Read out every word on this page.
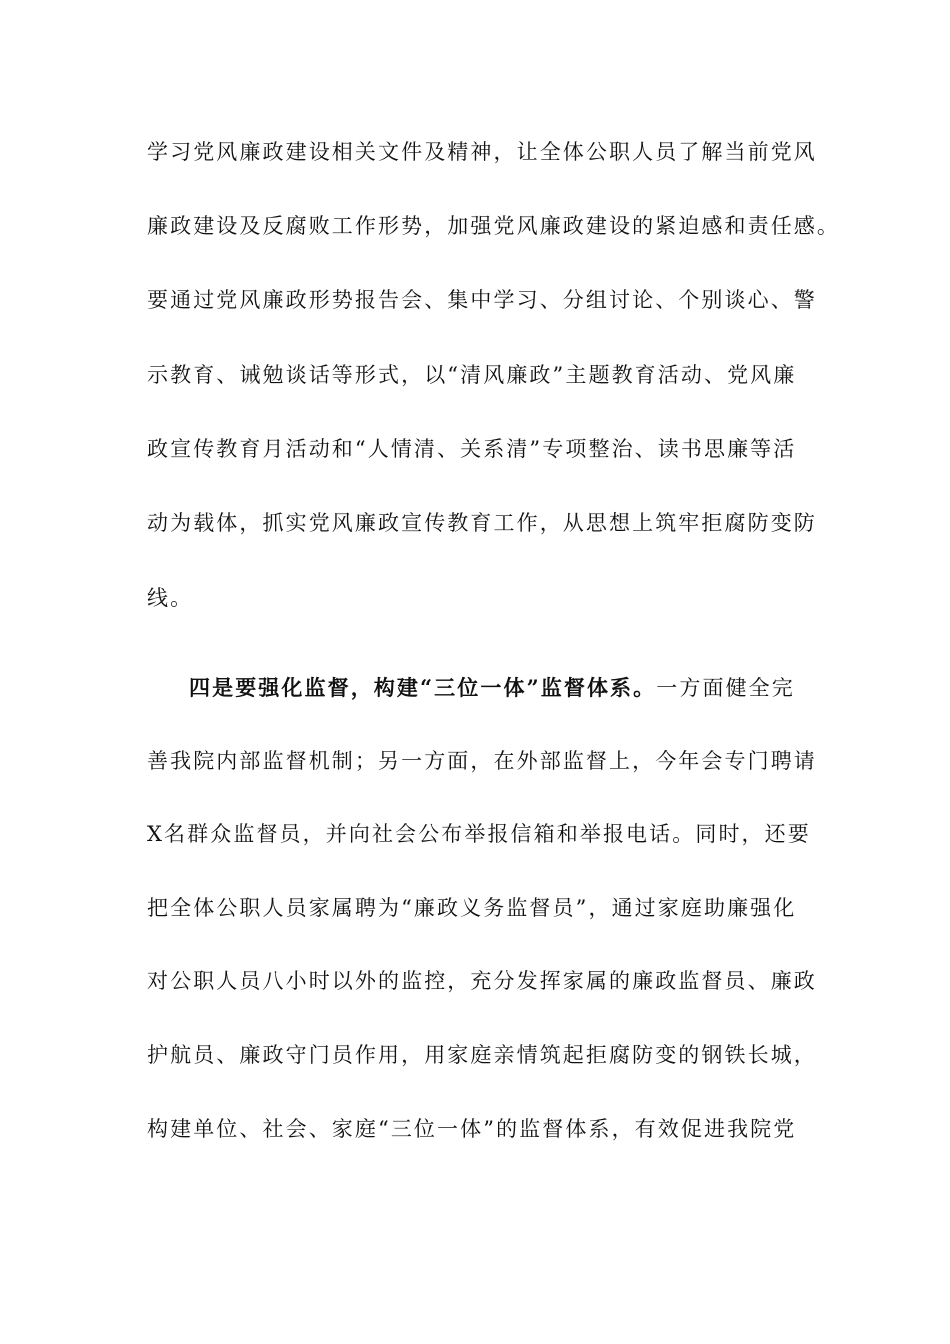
学习党风廉政建设相关文件及精神，让全体公职人员了解当前党风
廉政建设及反腐败工作形势，加强党风廉政建设的紧迫感和责任感。
要通过党风廉政形势报告会、集中学习、分组讨论、个别谈心、警
示教育、诫勉谈话等形式，以“清风廉政”主题教育活动、党风廉
政宣传教育月活动和“人情清、关系清”专项整治、读书思廉等活
动为载体，抓实党风廉政宣传教育工作，从思想上筑牢拒腐防变防
线。
四是要强化监督，构建“三位一体”监督体系。一方面健全完
善我院内部监督机制；另一方面，在外部监督上，今年会专门聘请
X名群众监督员，并向社会公布举报信箱和举报电话。同时，还要
把全体公职人员家属聘为“廉政义务监督员”，通过家庭助廉强化
对公职人员八小时以外的监控，充分发挥家属的廉政监督员、廉政
护航员、廉政守门员作用，用家庭亲情筑起拒腐防变的钢铁长城，
构建单位、社会、家庭“三位一体”的监督体系，有效促进我院党
